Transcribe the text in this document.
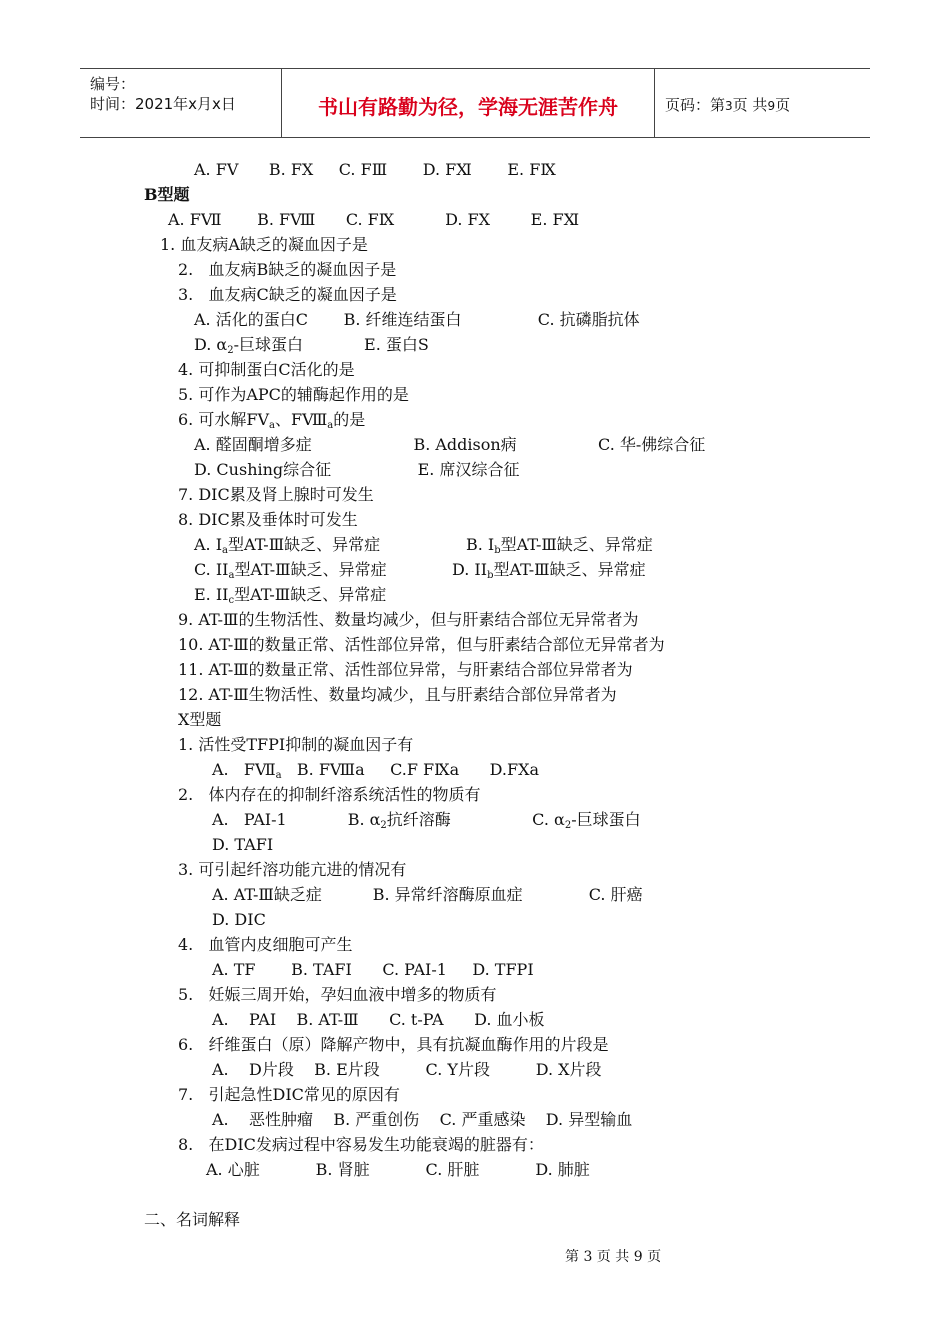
编号：
时间：2021年x月x日	书山有路勤为径，学海无涯苦作舟	页码：第3页 共9页
A. FV      B. FⅩ     C. FⅢ       D. FⅪ       E. FⅨ
B型题
A. FⅦ       B. FⅧ      C. FⅨ          D. FⅩ        E. FⅪ
1. 血友病A缺乏的凝血因子是
2.   血友病B缺乏的凝血因子是
3.   血友病C缺乏的凝血因子是
A. 活化的蛋白C       B. 纤维连结蛋白               C. 抗磷脂抗体
D. $\alpha_2-$巨球蛋白            E. 蛋白S
4. 可抑制蛋白C活化的是
5. 可作为APC的辅酶起作用的是
6. 可水解$FV_a$、$FⅧ_a$的是
A. 醛固酮增多症                    B. Addison病                C. 华-佛综合征
D. Cushing综合征                 E. 席汉综合征
7. DIC累及肾上腺时可发生
8. DIC累及垂体时可发生
A. $I_a$型AT-Ⅲ缺乏、异常症	B. $I_b$型AT-Ⅲ缺乏、异常症
C. $II_a$型AT-Ⅲ缺乏、异常症	D. $II_b$型AT-Ⅲ缺乏、异常症
E. $II_c$型AT-Ⅲ缺乏、异常症
9. AT-Ⅲ的生物活性、数量均减少，但与肝素结合部位无异常者为
10. AT-Ⅲ的数量正常、活性部位异常，但与肝素结合部位无异常者为
11. AT-Ⅲ的数量正常、活性部位异常，与肝素结合部位异常者为
12. AT-Ⅲ生物活性、数量均减少，且与肝素结合部位异常者为
X型题
1. 活性受TFPI抑制的凝血因子有
A.   $FⅦ_a$   B. FⅧa     C.F FⅨa      D.FⅩa
2.   体内存在的抑制纤溶系统活性的物质有
A.   PAI-1            B. $\alpha_2$抗纤溶酶                C. $\alpha_2-$巨球蛋白
D. TAFI
3. 可引起纤溶功能亢进的情况有
A. AT-Ⅲ缺乏症          B. 异常纤溶酶原血症             C. 肝癌
D. DIC
4.   血管内皮细胞可产生
A. TF       B. TAFI      C. PAI-1     D. TFPI
5.   妊娠三周开始，孕妇血液中增多的物质有
A.    PAI    B. AT-Ⅲ      C. t-PA      D. 血小板
6.   纤维蛋白（原）降解产物中，具有抗凝血酶作用的片段是
A.    D片段    B. E片段         C. Y片段         D. X片段
7.   引起急性DIC常见的原因有
A.    恶性肿瘤    B. 严重创伤    C. 严重感染    D. 异型输血
8.   在DIC发病过程中容易发生功能衰竭的脏器有：
A. 心脏           B. 肾脏           C. 肝脏           D. 肺脏
二、名词解释
第 3 页 共 9 页
